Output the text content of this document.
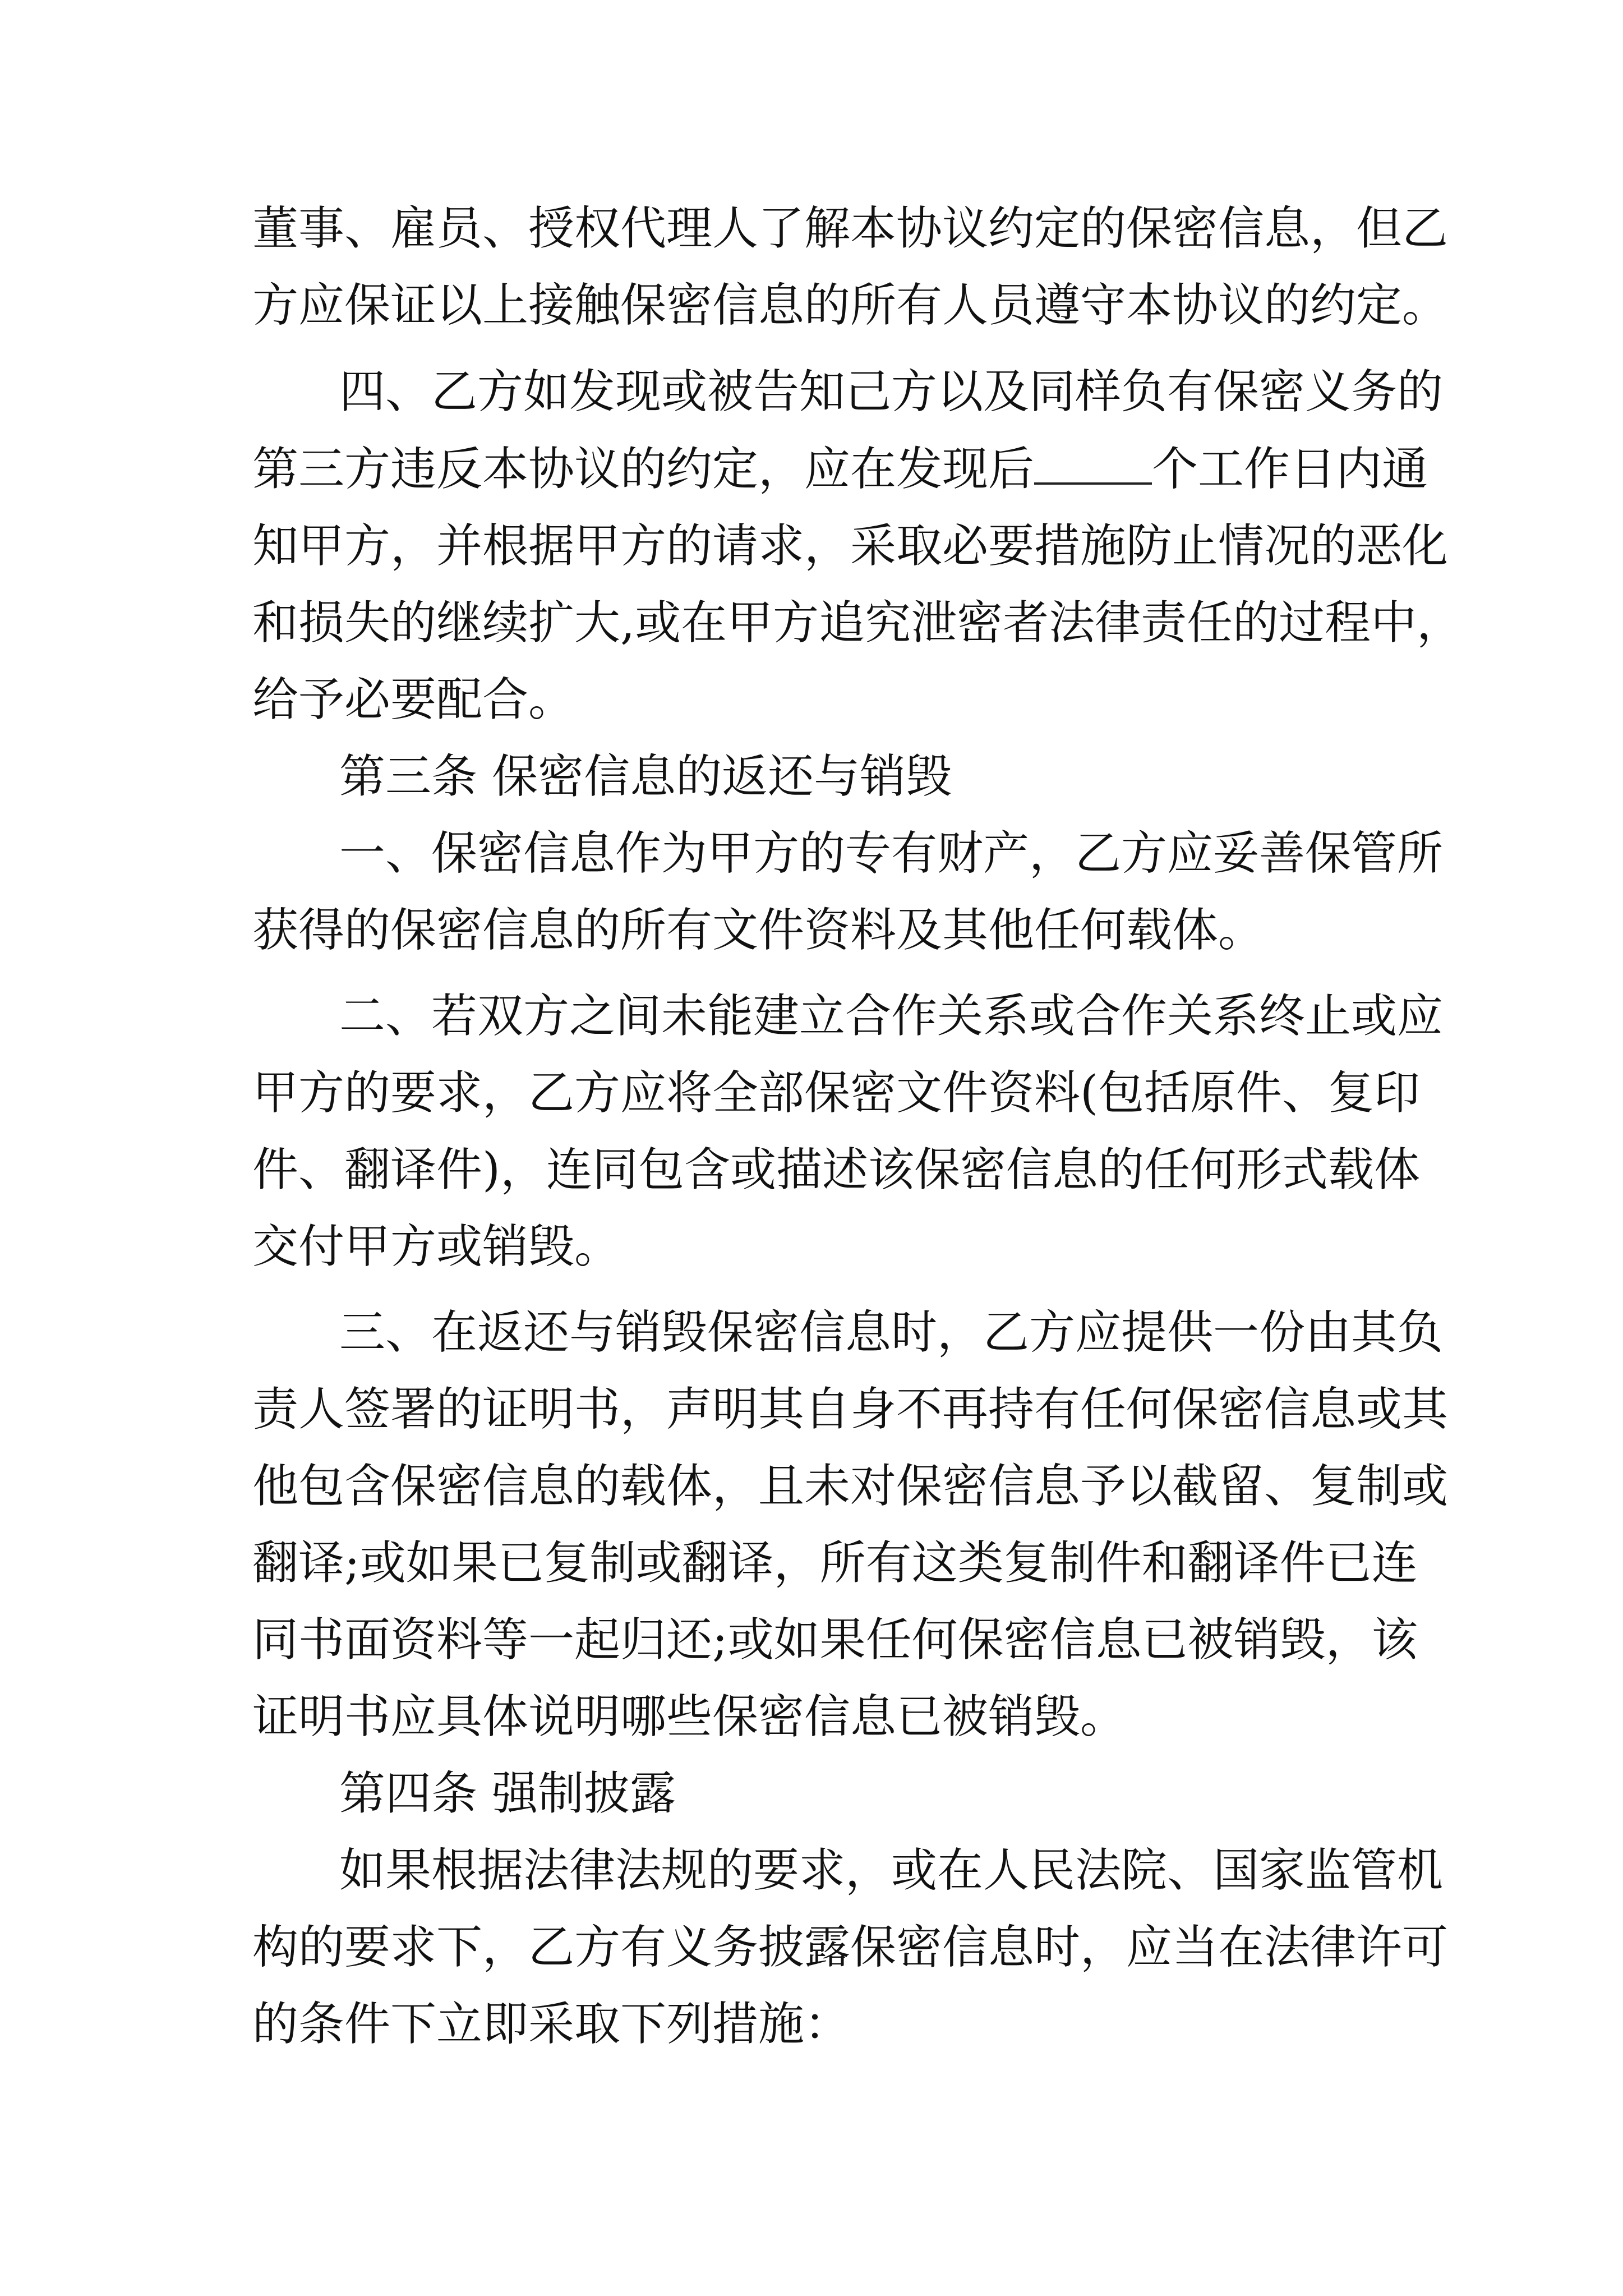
董事、雇员、授权代理人了解本协议约定的保密信息，但乙
方应保证以上接触保密信息的所有人员遵守本协议的约定。
四、乙方如发现或被告知己方以及同样负有保密义务的
第三方违反本协议的约定，应在发现后	个工作日内通
知甲方，并根据甲方的请求，采取必要措施防止情况的恶化
和损失的继续扩大,或在甲方追究泄密者法律责任的过程中，
给予必要配合。
第三条 保密信息的返还与销毁
一、保密信息作为甲方的专有财产，乙方应妥善保管所
获得的保密信息的所有文件资料及其他任何载体。
二、若双方之间未能建立合作关系或合作关系终止或应
甲方的要求，乙方应将全部保密文件资料(包括原件、复印
件、翻译件)，连同包含或描述该保密信息的任何形式载体
交付甲方或销毁。
三、在返还与销毁保密信息时，乙方应提供一份由其负
责人签署的证明书，声明其自身不再持有任何保密信息或其
他包含保密信息的载体，且未对保密信息予以截留、复制或
翻译;或如果已复制或翻译，所有这类复制件和翻译件已连
同书面资料等一起归还;或如果任何保密信息已被销毁，该
证明书应具体说明哪些保密信息已被销毁。
第四条 强制披露
如果根据法律法规的要求，或在人民法院、国家监管机
构的要求下，乙方有义务披露保密信息时，应当在法律许可
的条件下立即采取下列措施：
